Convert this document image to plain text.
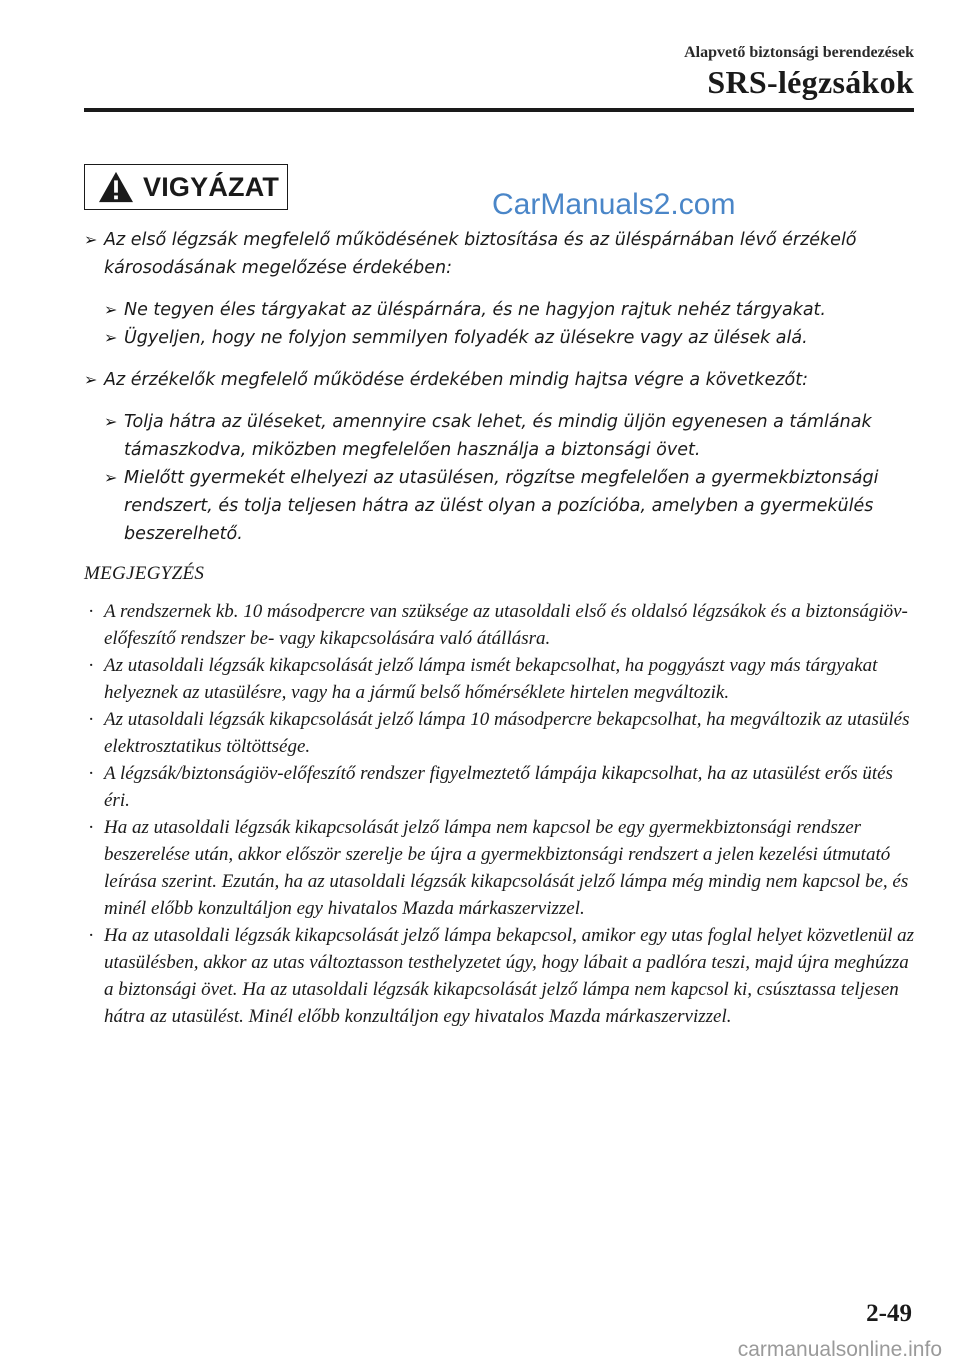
Alapvető biztonsági berendezések
SRS-légzsákok
VIGYÁZAT
CarManuals2.com
➢ Az első légzsák megfelelő működésének biztosítása és az üléspárnában lévő érzékelő károsodásának megelőzése érdekében:
➢ Ne tegyen éles tárgyakat az üléspárnára, és ne hagyjon rajtuk nehéz tárgyakat.
➢ Ügyeljen, hogy ne folyjon semmilyen folyadék az ülésekre vagy az ülések alá.
➢ Az érzékelők megfelelő működése érdekében mindig hajtsa végre a következőt:
➢ Tolja hátra az üléseket, amennyire csak lehet, és mindig üljön egyenesen a támlának támaszkodva, miközben megfelelően használja a biztonsági övet.
➢ Mielőtt gyermekét elhelyezi az utasülésen, rögzítse megfelelően a gyermekbiztonsági rendszert, és tolja teljesen hátra az ülést olyan a pozícióba, amelyben a gyermekülés beszerelhető.
MEGJEGYZÉS
· A rendszernek kb. 10 másodpercre van szüksége az utasoldali első és oldalsó légzsákok és a biztonságiöv-előfeszítő rendszer be- vagy kikapcsolására való átállásra.
· Az utasoldali légzsák kikapcsolását jelző lámpa ismét bekapcsolhat, ha poggyászt vagy más tárgyakat helyeznek az utasülésre, vagy ha a jármű belső hőmérséklete hirtelen megváltozik.
· Az utasoldali légzsák kikapcsolását jelző lámpa 10 másodpercre bekapcsolhat, ha megváltozik az utasülés elektrosztatikus töltöttsége.
· A légzsák/biztonságiöv-előfeszítő rendszer figyelmeztető lámpája kikapcsolhat, ha az utasülést erős ütés éri.
· Ha az utasoldali légzsák kikapcsolását jelző lámpa nem kapcsol be egy gyermekbiztonsági rendszer beszerelése után, akkor először szerelje be újra a gyermekbiztonsági rendszert a jelen kezelési útmutató leírása szerint. Ezután, ha az utasoldali légzsák kikapcsolását jelző lámpa még mindig nem kapcsol be, és minél előbb konzultáljon egy hivatalos Mazda márkaszervizzel.
· Ha az utasoldali légzsák kikapcsolását jelző lámpa bekapcsol, amikor egy utas foglal helyet közvetlenül az utasülésben, akkor az utas változtasson testhelyzetet úgy, hogy lábait a padlóra teszi, majd újra meghúzza a biztonsági övet. Ha az utasoldali légzsák kikapcsolását jelző lámpa nem kapcsol ki, csúsztassa teljesen hátra az utasülést. Minél előbb konzultáljon egy hivatalos Mazda márkaszervizzel.
2-49
carmanualsonline.info
